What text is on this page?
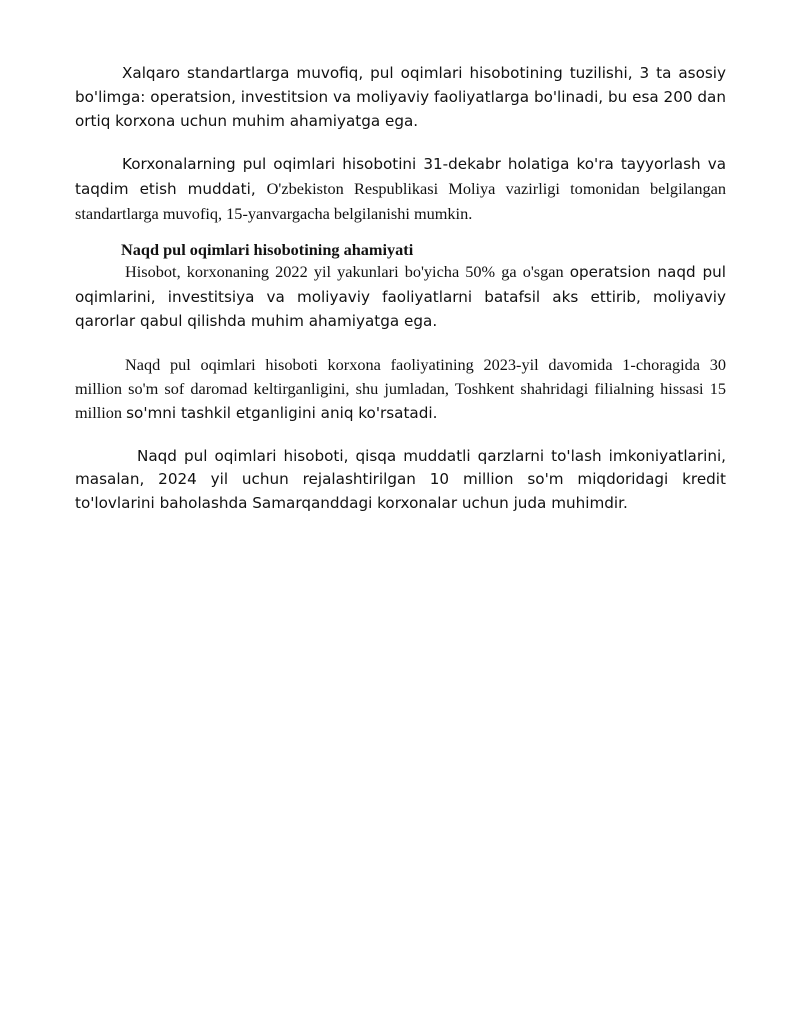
Xalqaro standartlarga muvofiq, pul oqimlari hisobotining tuzilishi, 3 ta asosiy bo'limga: operatsion, investitsion va moliyaviy faoliyatlarga bo'linadi, bu esa 200 dan ortiq korxona uchun muhim ahamiyatga ega.

Korxonalarning pul oqimlari hisobotini 31-dekabr holatiga ko'ra tayyorlash va taqdim etish muddati, O'zbekiston Respublikasi Moliya vazirligi tomonidan belgilangan standartlarga muvofiq, 15-yanvargacha belgilanishi mumkin.

Naqd pul oqimlari hisobotining ahamiyati

Hisobot, korxonaning 2022 yil yakunlari bo'yicha 50% ga o'sgan operatsion naqd pul oqimlarini, investitsiya va moliyaviy faoliyatlarni batafsil aks ettirib, moliyaviy qarorlar qabul qilishda muhim ahamiyatga ega.

Naqd pul oqimlari hisoboti korxona faoliyatining 2023-yil davomida 1-choragida 30 million so'm sof daromad keltirganligini, shu jumladan, Toshkent shahridagi filialning hissasi 15 million so'mni tashkil etganligini aniq ko'rsatadi.

Naqd pul oqimlari hisoboti, qisqa muddatli qarzlarni to'lash imkoniyatlarini, masalan, 2024 yil uchun rejalashtirilgan 10 million so'm miqdoridagi kredit to'lovlarini baholashda Samarqanddagi korxonalar uchun juda muhimdir.
